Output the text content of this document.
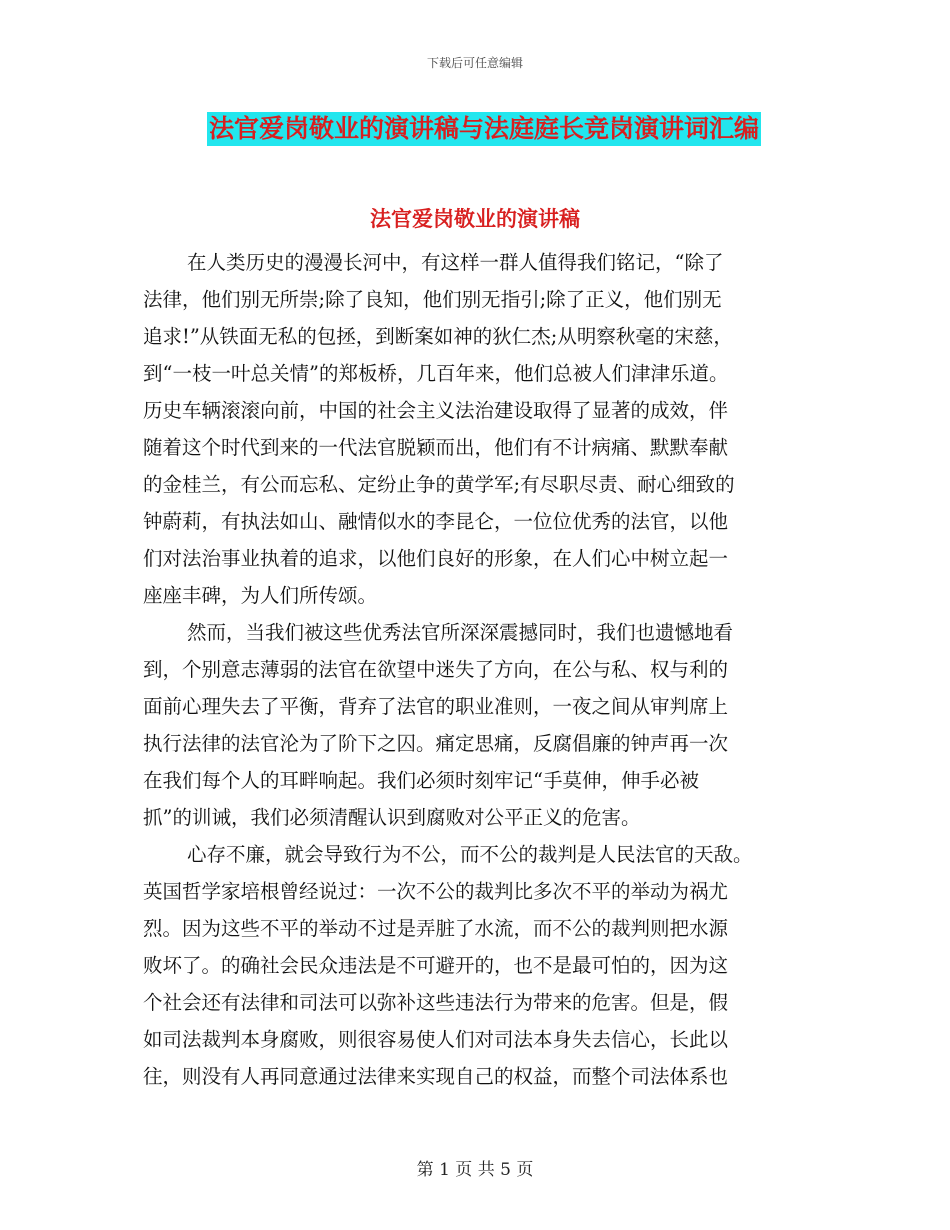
下载后可任意编辑
法官爱岗敬业的演讲稿与法庭庭长竞岗演讲词汇编
法官爱岗敬业的演讲稿
在人类历史的漫漫长河中，有这样一群人值得我们铭记，“除了
法律，他们别无所崇;除了良知，他们别无指引;除了正义，他们别无
追求!”从铁面无私的包拯，到断案如神的狄仁杰;从明察秋毫的宋慈，
到“一枝一叶总关情”的郑板桥，几百年来，他们总被人们津津乐道。
历史车辆滚滚向前，中国的社会主义法治建设取得了显著的成效，伴
随着这个时代到来的一代法官脱颖而出，他们有不计病痛、默默奉献
的金桂兰，有公而忘私、定纷止争的黄学军;有尽职尽责、耐心细致的
钟蔚莉，有执法如山、融情似水的李昆仑，一位位优秀的法官，以他
们对法治事业执着的追求，以他们良好的形象，在人们心中树立起一
座座丰碑，为人们所传颂。
然而，当我们被这些优秀法官所深深震撼同时，我们也遗憾地看
到，个别意志薄弱的法官在欲望中迷失了方向，在公与私、权与利的
面前心理失去了平衡，背弃了法官的职业准则，一夜之间从审判席上
执行法律的法官沦为了阶下之囚。痛定思痛，反腐倡廉的钟声再一次
在我们每个人的耳畔响起。我们必须时刻牢记“手莫伸，伸手必被
抓”的训诫，我们必须清醒认识到腐败对公平正义的危害。
心存不廉，就会导致行为不公，而不公的裁判是人民法官的天敌。
英国哲学家培根曾经说过：一次不公的裁判比多次不平的举动为祸尤
烈。因为这些不平的举动不过是弄脏了水流，而不公的裁判则把水源
败坏了。的确社会民众违法是不可避开的，也不是最可怕的，因为这
个社会还有法律和司法可以弥补这些违法行为带来的危害。但是，假
如司法裁判本身腐败，则很容易使人们对司法本身失去信心，长此以
往，则没有人再同意通过法律来实现自己的权益，而整个司法体系也
第 1 页 共 5 页
